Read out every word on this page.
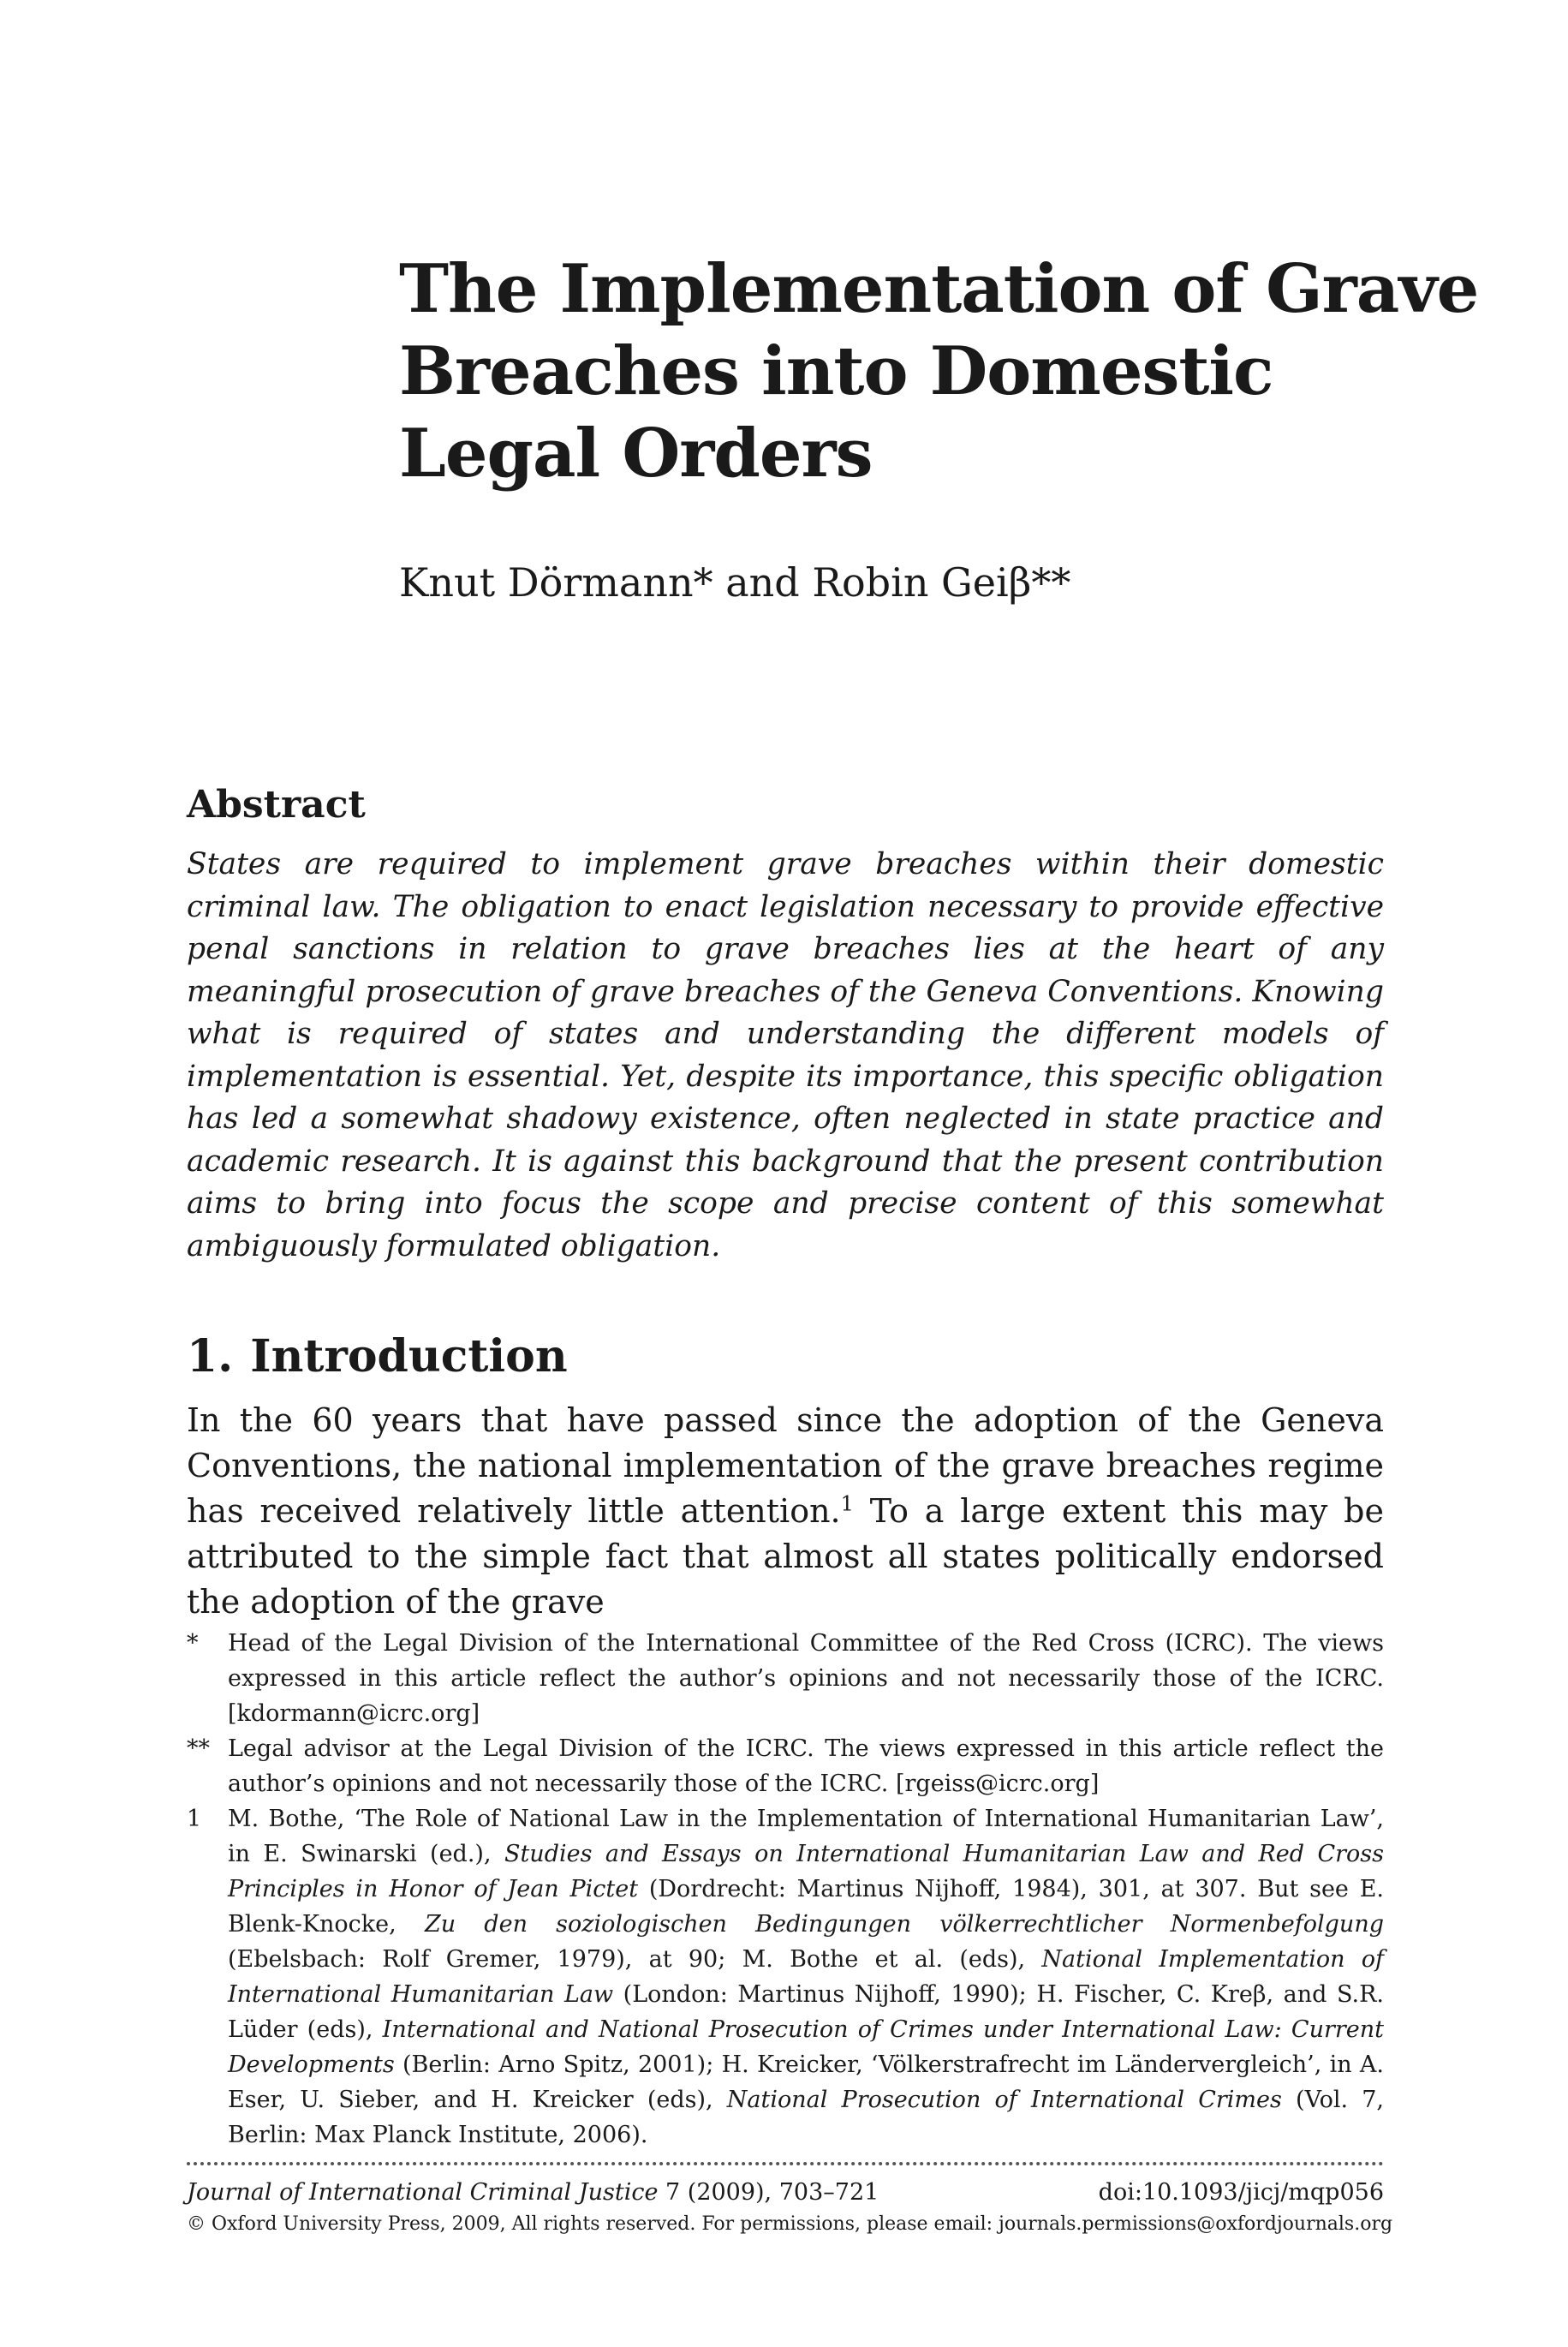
The Implementation of Grave
Breaches into Domestic
Legal Orders
Knut Dörmann* and Robin Geiβ**
Abstract

States are required to implement grave breaches within their domestic criminal law. The obligation to enact legislation necessary to provide effective penal sanctions in relation to grave breaches lies at the heart of any meaningful prosecution of grave breaches of the Geneva Conventions. Knowing what is required of states and understanding the different models of implementation is essential. Yet, despite its importance, this specific obligation has led a somewhat shadowy existence, often neglected in state practice and academic research. It is against this background that the present contribution aims to bring into focus the scope and precise content of this somewhat ambiguously formulated obligation.

1. Introduction

In the 60 years that have passed since the adoption of the Geneva Conventions, the national implementation of the grave breaches regime has received relatively little attention.$^1$ To a large extent this may be attributed to the simple fact that almost all states politically endorsed the adoption of the grave

*	Head of the Legal Division of the International Committee of the Red Cross (ICRC). The views expressed in this article reflect the author’s opinions and not necessarily those of the ICRC. [kdormann@icrc.org]
** Legal advisor at the Legal Division of the ICRC. The views expressed in this article reflect the author’s opinions and not necessarily those of the ICRC. [rgeiss@icrc.org]
1	M. Bothe, ‘The Role of National Law in the Implementation of International Humanitarian Law’, in E. Swinarski (ed.), Studies and Essays on International Humanitarian Law and Red Cross Principles in Honor of Jean Pictet (Dordrecht: Martinus Nijhoff, 1984), 301, at 307. But see E. Blenk-Knocke, Zu den soziologischen Bedingungen völkerrechtlicher Normenbefolgung (Ebelsbach: Rolf Gremer, 1979), at 90; M. Bothe et al. (eds), National Implementation of International Humanitarian Law (London: Martinus Nijhoff, 1990); H. Fischer, C. Kreβ, and S.R. Lüder (eds), International and National Prosecution of Crimes under International Law: Current Developments (Berlin: Arno Spitz, 2001); H. Kreicker, ‘Völkerstrafrecht im Ländervergleich’, in A. Eser, U. Sieber, and H. Kreicker (eds), National Prosecution of International Crimes (Vol. 7, Berlin: Max Planck Institute, 2006).
Journal of International Criminal Justice 7 (2009), 703–721	doi:10.1093/jicj/mqp056
© Oxford University Press, 2009, All rights reserved. For permissions, please email: journals.permissions@oxfordjournals.org
